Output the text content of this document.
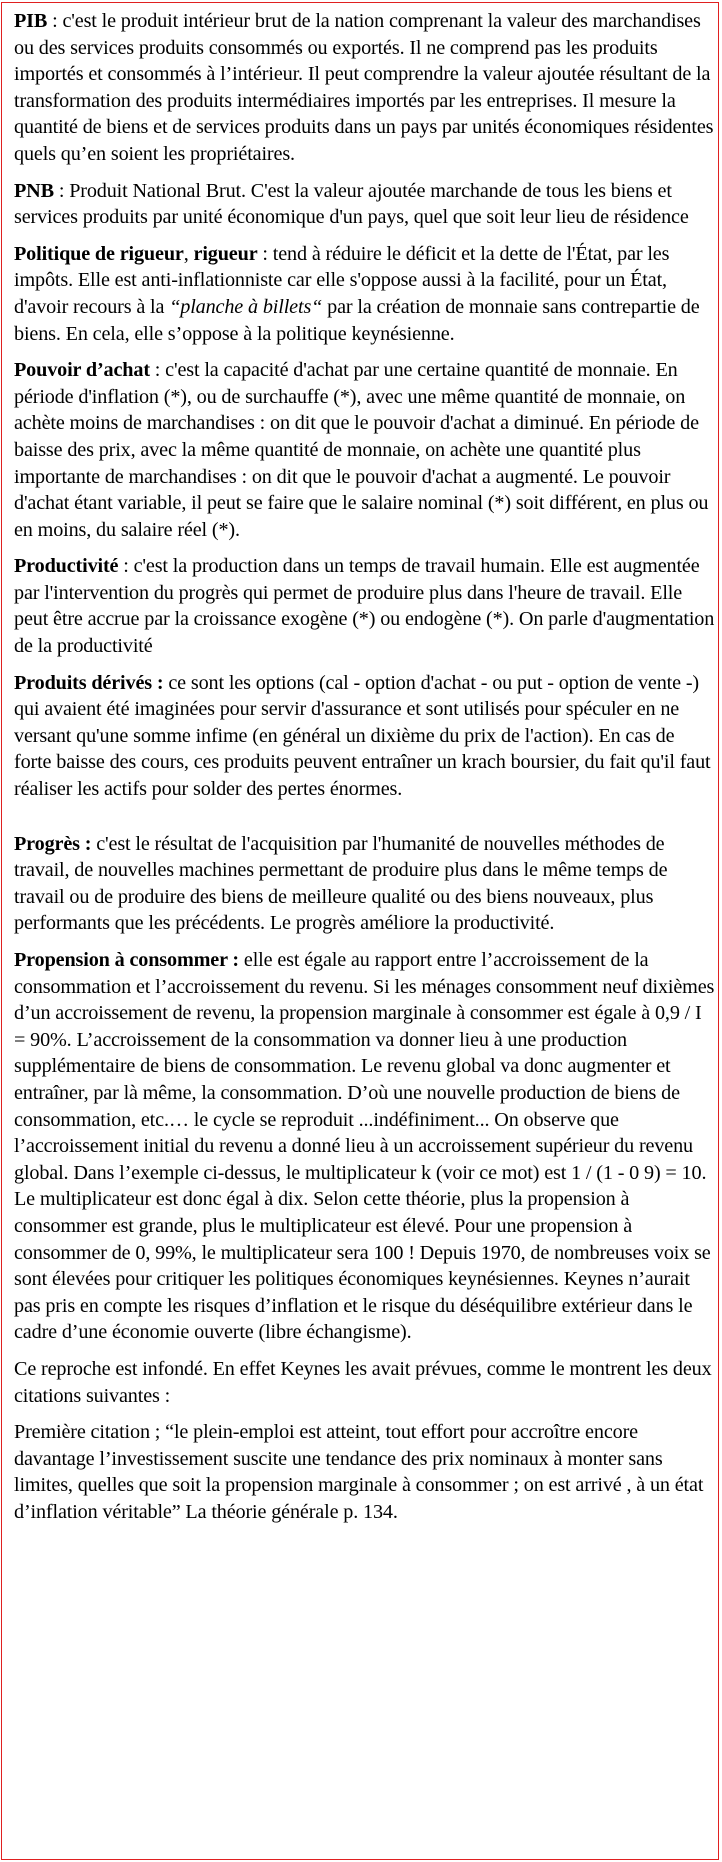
PIB : c'est le produit intérieur brut de la nation comprenant la valeur des marchandises ou des services produits consommés ou exportés. Il ne comprend pas les produits importés et consommés à l’intérieur. Il peut comprendre la valeur ajoutée résultant de la transformation des produits intermédiaires importés par les entreprises. Il mesure la quantité de biens et de services produits dans un pays par unités économiques résidentes quels qu’en soient les propriétaires.

PNB : Produit National Brut. C'est la valeur ajoutée marchande de tous les biens et services produits par unité économique d'un pays, quel que soit leur lieu de résidence

Politique de rigueur, rigueur : tend à réduire le déficit et la dette de l'État, par les impôts. Elle est anti-inflationniste car elle s'oppose aussi à la facilité, pour un État, d'avoir recours à la “planche à billets“ par la création de monnaie sans contrepartie de biens. En cela, elle s’oppose à la politique keynésienne.

Pouvoir d’achat : c'est la capacité d'achat par une certaine quantité de monnaie. En période d'inflation (*), ou de surchauffe (*), avec une même quantité de monnaie, on achète moins de marchandises : on dit que le pouvoir d'achat a diminué. En période de baisse des prix, avec la même quantité de monnaie, on achète une quantité plus importante de marchandises : on dit que le pouvoir d'achat a augmenté. Le pouvoir d'achat étant variable, il peut se faire que le salaire nominal (*) soit différent, en plus ou en moins, du salaire réel (*).

Productivité : c'est la production dans un temps de travail humain. Elle est augmentée par l'intervention du progrès qui permet de produire plus dans l'heure de travail. Elle peut être accrue par la croissance exogène (*) ou endogène (*). On parle d'augmentation de la productivité

Produits dérivés : ce sont les options (cal - option d'achat - ou put - option de vente -) qui avaient été imaginées pour servir d'assurance et sont utilisés pour spéculer en ne versant qu'une somme infime (en général un dixième du prix de l'action). En cas de forte baisse des cours, ces produits peuvent entraîner un krach boursier, du fait qu'il faut réaliser les actifs pour solder des pertes énormes.

Progrès : c'est le résultat de l'acquisition par l'humanité de nouvelles méthodes de travail, de nouvelles machines permettant de produire plus dans le même temps de travail ou de produire des biens de meilleure qualité ou des biens nouveaux, plus performants que les précédents. Le progrès améliore la productivité.

Propension à consommer : elle est égale au rapport entre l’accroissement de la consommation et l’accroissement du revenu. Si les ménages consomment neuf dixièmes d’un accroissement de revenu, la propension marginale à consommer est égale à 0,9 / I = 90%. L’accroissement de la consommation va donner lieu à une production supplémentaire de biens de consommation. Le revenu global va donc augmenter et entraîner, par là même, la consommation. D’où une nouvelle production de biens de consommation, etc.… le cycle se reproduit ...indéfiniment... On observe que l’accroissement initial du revenu a donné lieu à un accroissement supérieur du revenu global. Dans l’exemple ci-dessus, le multiplicateur k (voir ce mot) est 1 / (1 - 0 9) = 10. Le multiplicateur est donc égal à dix. Selon cette théorie, plus la propension à consommer est grande, plus le multiplicateur est élevé. Pour une propension à consommer de 0, 99%, le multiplicateur sera 100 ! Depuis 1970, de nombreuses voix se sont élevées pour critiquer les politiques économiques keynésiennes. Keynes n’aurait pas pris en compte les risques d’inflation et le risque du déséquilibre extérieur dans le cadre d’une économie ouverte (libre échangisme).

Ce reproche est infondé. En effet Keynes les avait prévues, comme le montrent les deux citations suivantes :

Première citation ; “le plein-emploi est atteint, tout effort pour accroître encore davantage l’investissement suscite une tendance des prix nominaux à monter sans limites, quelles que soit la propension marginale à consommer ; on est arrivé , à un état d’inflation véritable” La théorie générale p. 134.
